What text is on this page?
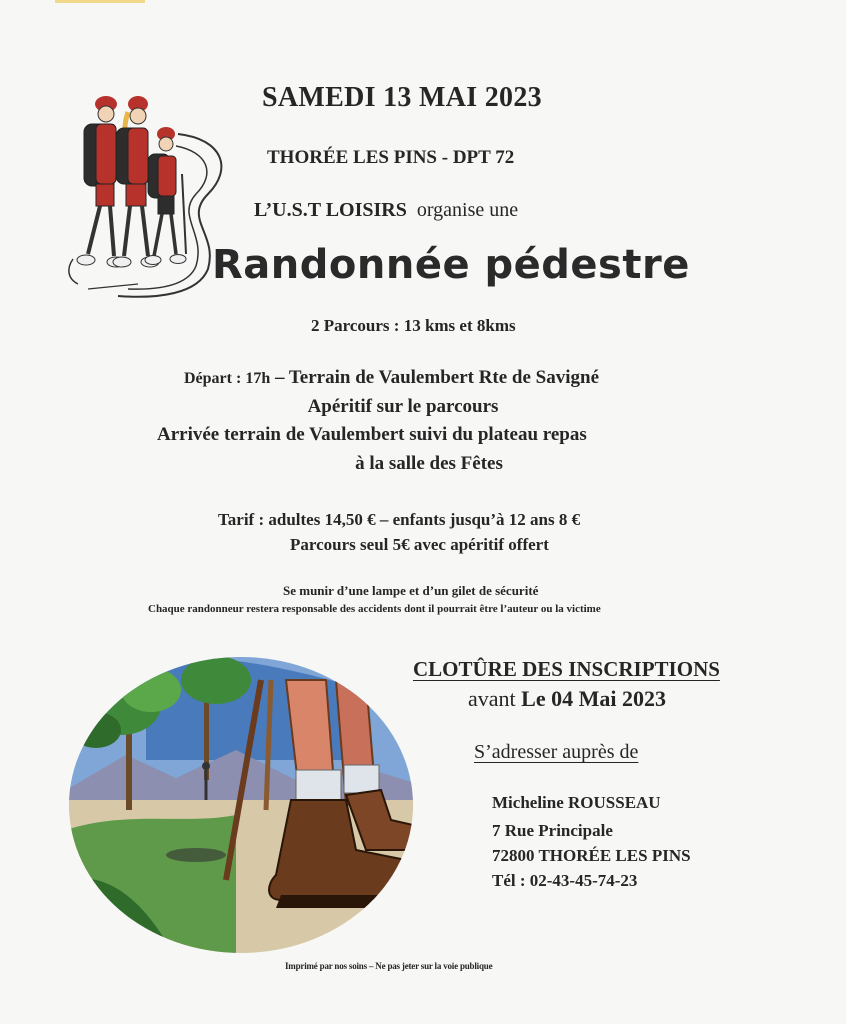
SAMEDI 13 MAI 2023
THORÉE LES PINS - DPT 72
L’U.S.T LOISIRS organise une
Randonnée pédestre
2 Parcours : 13 kms et 8kms
Départ : 17h – Terrain de Vaulembert Rte de Savigné
Apéritif sur le parcours
Arrivée terrain de Vaulembert suivi du plateau repas
à la salle des Fêtes
Tarif : adultes 14,50 € – enfants jusqu’à 12 ans 8 €
Parcours seul 5€ avec apéritif offert
Se munir d’une lampe et d’un gilet de sécurité
Chaque randonneur restera responsable des accidents dont il pourrait être l’auteur ou la victime
CLOTÛRE DES INSCRIPTIONS
avant Le 04 Mai 2023
S’adresser auprès de
Micheline ROUSSEAU
7 Rue Principale
72800 THORÉE LES PINS
Tél : 02-43-45-74-23
Imprimé par nos soins – Ne pas jeter sur la voie publique
